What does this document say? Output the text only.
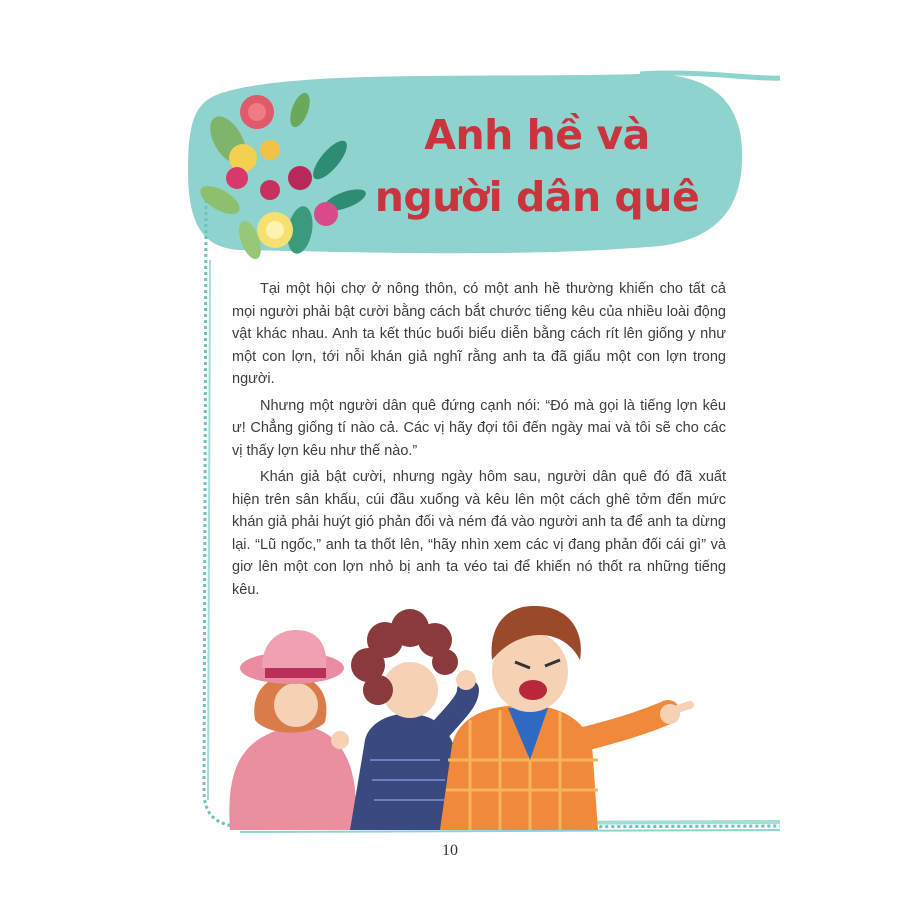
Anh hề và
người dân quê

Tại một hội chợ ở nông thôn, có một anh hề thường khiến cho tất cả mọi người phải bật cười bằng cách bắt chước tiếng kêu của nhiều loài động vật khác nhau. Anh ta kết thúc buổi biểu diễn bằng cách rít lên giống y như một con lợn, tới nỗi khán giả nghĩ rằng anh ta đã giấu một con lợn trong người.

Nhưng một người dân quê đứng cạnh nói: “Đó mà gọi là tiếng lợn kêu ư! Chẳng giống tí nào cả. Các vị hãy đợi tôi đến ngày mai và tôi sẽ cho các vị thấy lợn kêu như thế nào.”

Khán giả bật cười, nhưng ngày hôm sau, người dân quê đó đã xuất hiện trên sân khấu, cúi đầu xuống và kêu lên một cách ghê tởm đến mức khán giả phải huýt gió phản đối và ném đá vào người anh ta để anh ta dừng lại. “Lũ ngốc,” anh ta thốt lên, “hãy nhìn xem các vị đang phản đối cái gì” và giơ lên một con lợn nhỏ bị anh ta véo tai để khiến nó thốt ra những tiếng kêu.

10
